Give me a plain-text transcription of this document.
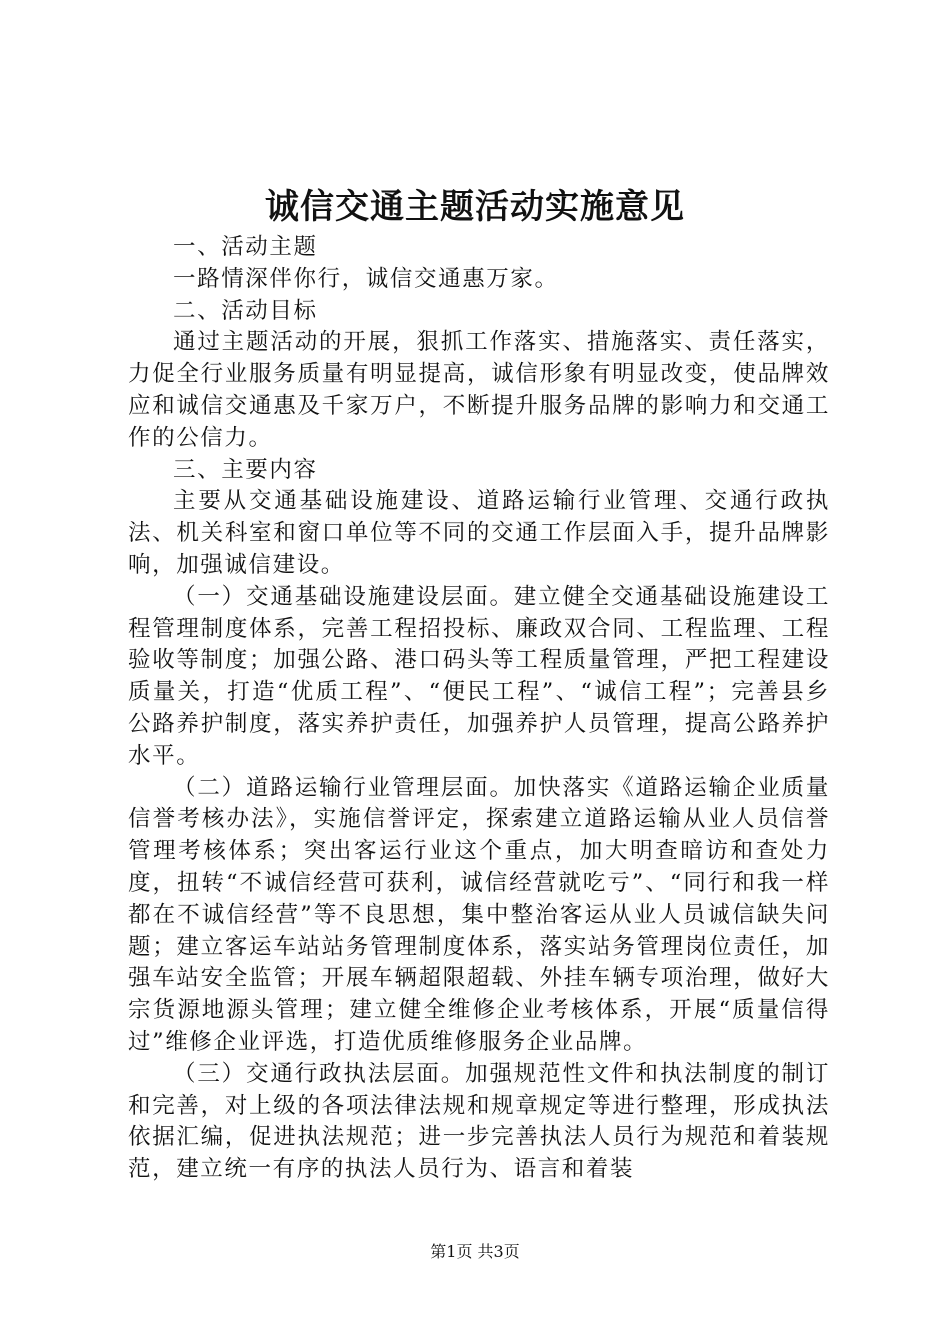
诚信交通主题活动实施意见

一、活动主题

一路情深伴你行，诚信交通惠万家。

二、活动目标

通过主题活动的开展，狠抓工作落实、措施落实、责任落实，力促全行业服务质量有明显提高，诚信形象有明显改变，使品牌效应和诚信交通惠及千家万户，不断提升服务品牌的影响力和交通工作的公信力。

三、主要内容

主要从交通基础设施建设、道路运输行业管理、交通行政执法、机关科室和窗口单位等不同的交通工作层面入手，提升品牌影响，加强诚信建设。

（一）交通基础设施建设层面。建立健全交通基础设施建设工程管理制度体系，完善工程招投标、廉政双合同、工程监理、工程验收等制度；加强公路、港口码头等工程质量管理，严把工程建设质量关，打造“优质工程”、“便民工程”、“诚信工程”；完善县乡公路养护制度，落实养护责任，加强养护人员管理，提高公路养护水平。

（二）道路运输行业管理层面。加快落实《道路运输企业质量信誉考核办法》，实施信誉评定，探索建立道路运输从业人员信誉管理考核体系；突出客运行业这个重点，加大明查暗访和查处力度，扭转“不诚信经营可获利，诚信经营就吃亏”、“同行和我一样都在不诚信经营”等不良思想，集中整治客运从业人员诚信缺失问题；建立客运车站站务管理制度体系，落实站务管理岗位责任，加强车站安全监管；开展车辆超限超载、外挂车辆专项治理，做好大宗货源地源头管理；建立健全维修企业考核体系，开展“质量信得过”维修企业评选，打造优质维修服务企业品牌。

（三）交通行政执法层面。加强规范性文件和执法制度的制订和完善，对上级的各项法律法规和规章规定等进行整理，形成执法依据汇编，促进执法规范；进一步完善执法人员行为规范和着装规范，建立统一有序的执法人员行为、语言和着装

第1页 共3页
